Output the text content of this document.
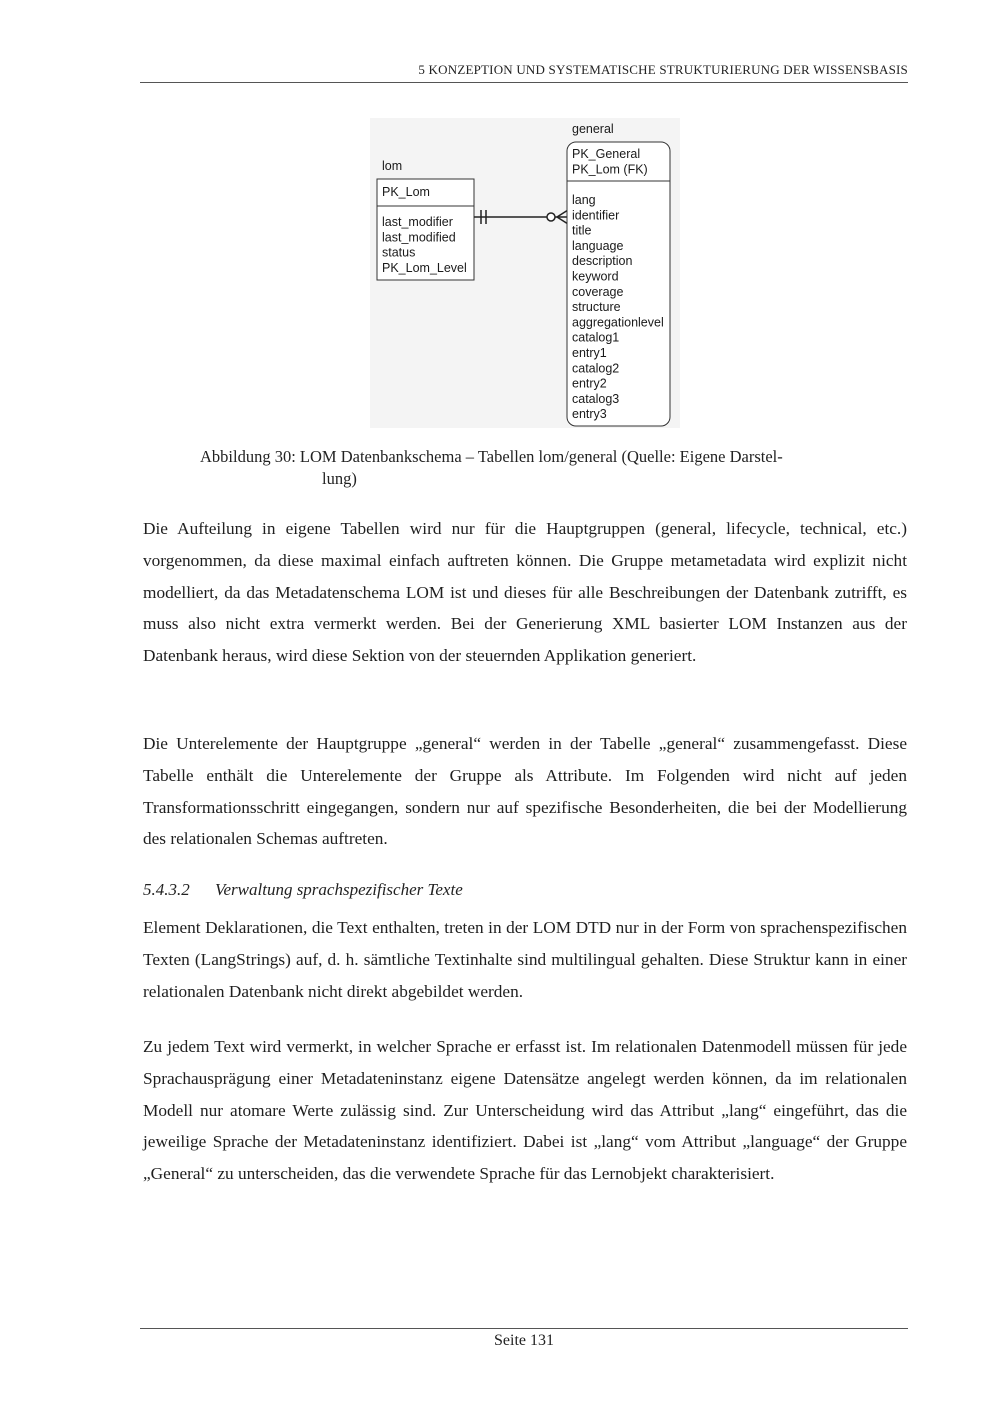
5 KONZEPTION UND SYSTEMATISCHE STRUKTURIERUNG DER WISSENSBASIS
lom
PK_Lom
last_modifier
last_modified
status
PK_Lom_Level
general
PK_General
PK_Lom (FK)
lang
identifier
title
language
description
keyword
coverage
structure
aggregationlevel
catalog1
entry1
catalog2
entry2
catalog3
entry3
Abbildung 30: LOM Datenbankschema – Tabellen lom/general (Quelle: Eigene Darstel-
lung)

Die Aufteilung in eigene Tabellen wird nur für die Hauptgruppen (general, lifecycle, technical, etc.) vorgenommen, da diese maximal einfach auftreten können. Die Gruppe metametadata wird explizit nicht modelliert, da das Metadatenschema LOM ist und dieses für alle Beschreibungen der Datenbank zutrifft, es muss also nicht extra vermerkt werden. Bei der Generierung XML basierter LOM Instanzen aus der Datenbank heraus, wird diese Sektion von der steuernden Applikation generiert.

Die Unterelemente der Hauptgruppe „general“ werden in der Tabelle „general“ zusammengefasst. Diese Tabelle enthält die Unterelemente der Gruppe als Attribute. Im Folgenden wird nicht auf jeden Transformationsschritt eingegangen, sondern nur auf spezifische Besonderheiten, die bei der Modellierung des relationalen Schemas auftreten.

5.4.3.2 Verwaltung sprachspezifischer Texte

Element Deklarationen, die Text enthalten, treten in der LOM DTD nur in der Form von sprachenspezifischen Texten (LangStrings) auf, d. h. sämtliche Textinhalte sind multilingual gehalten. Diese Struktur kann in einer relationalen Datenbank nicht direkt abgebildet werden.

Zu jedem Text wird vermerkt, in welcher Sprache er erfasst ist. Im relationalen Datenmodell müssen für jede Sprachausprägung einer Metadateninstanz eigene Datensätze angelegt werden können, da im relationalen Modell nur atomare Werte zulässig sind. Zur Unterscheidung wird das Attribut „lang“ eingeführt, das die jeweilige Sprache der Metadateninstanz identifiziert. Dabei ist „lang“ vom Attribut „language“ der Gruppe „General“ zu unterscheiden, das die verwendete Sprache für das Lernobjekt charakterisiert.

Seite 131
